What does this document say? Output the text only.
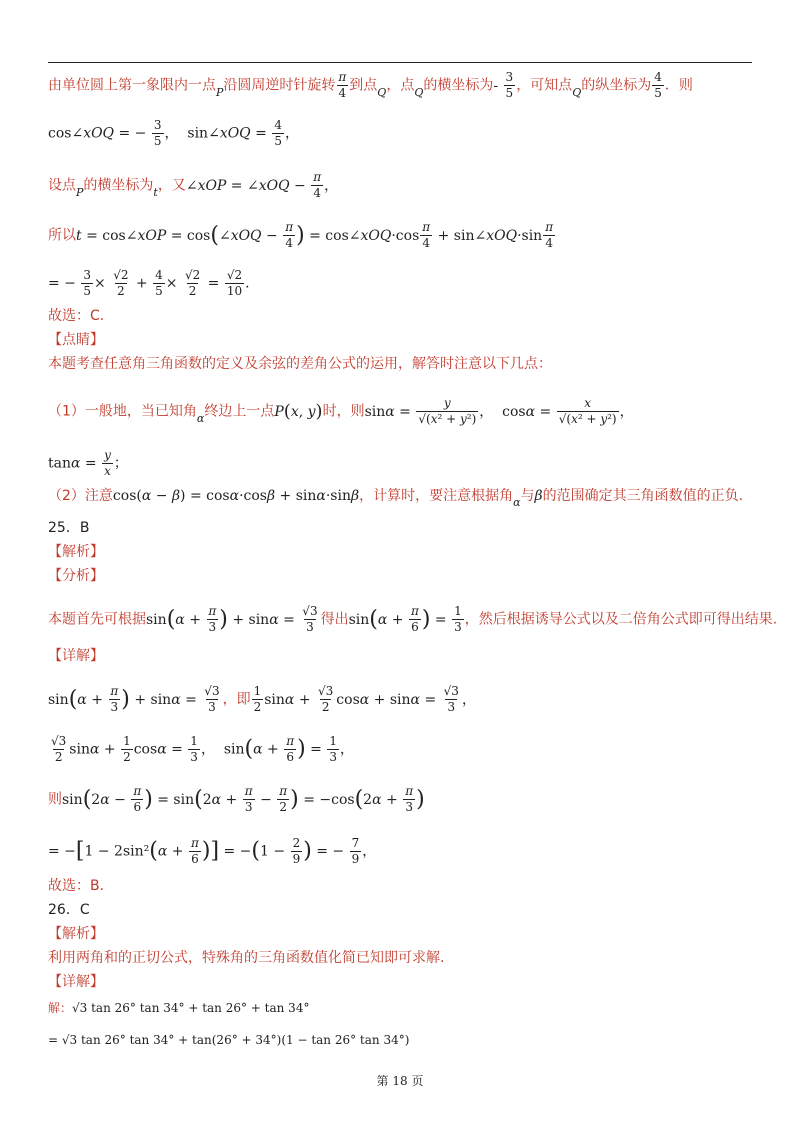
由单位圆上第一象限内一点$_P$沿圆周逆时针旋转 $\frac{\pi}{4}$ 到点$_Q$，点$_Q$的横坐标为- $\frac{3}{5}$ ，可知点$_Q$的纵坐标为 $\frac{4}{5}$ ．则
cos∠xOQ = − $\frac{3}{5}$ ，  sin∠xOQ = $\frac{4}{5}$ ，
设点$_P$的横坐标为$_t$，又∠xOP = ∠xOQ − $\frac{\pi}{4}$ ，
所以t = cos∠xOP = cos(∠xOQ − $\frac{\pi}{4}$ ) = cos∠xOQ·cos $\frac{\pi}{4}$ + sin∠xOQ·sin $\frac{\pi}{4}$
= − $\frac{3}{5} \times \frac{√2}{2} + \frac{4}{5} \times \frac{√2}{2} = \frac{√2}{10}$ .
故选：C.
【点睛】
本题考查任意角三角函数的定义及余弦的差角公式的运用，解答时注意以下几点：
（1）一般地，当已知角$_\alpha$终边上一点P(x, y)时，则$\sin\alpha = \frac{y}{\text{√(x² + y²)}}$ ，  $\cos\alpha = \frac{x}{\text{√(x² + y²)}}$ ，
$\tan\alpha = \frac{y}{x}$ ；
（2）注意cos(α − β) = cosα·cosβ + sinα·sinβ，计算时，要注意根据角$_\alpha$与β的范围确定其三角函数值的正负.
25．B
【解析】
【分析】
本题首先可根据$\sin(\alpha + \frac{\pi}{3}$ ) + $\sin\alpha = \frac{√3}{3}$ 得出$\sin(\alpha + \frac{\pi}{6}$ ) = $\frac{1}{3}$ ，然后根据诱导公式以及二倍角公式即可得出结果.
【详解】
$\sin(\alpha + \frac{\pi}{3}$ ) + $\sin\alpha = \frac{√3}{3}$ ，即 $\frac{1}{2}$ $\sin\alpha + \frac{√3}{2}$ $\cos\alpha + \sin\alpha = \frac{√3}{3}$ ，
$\frac{√3}{2}$ $\sin\alpha + \frac{1}{2}$ $\cos\alpha = \frac{1}{3}$ ，  $\sin(\alpha + \frac{\pi}{6}$ ) = $\frac{1}{3}$ ，
则$\sin(2\alpha - \frac{\pi}{6}$ ) = $\sin(2\alpha + \frac{\pi}{3} - \frac{\pi}{2}$ ) = $-\cos(2\alpha + \frac{\pi}{3}$ )
= $-[1 - 2\sin^2(\alpha + \frac{\pi}{6}$ )] = $-(1 - \frac{2}{9}$ ) = − $\frac{7}{9}$ ，
故选：B.
26．C
【解析】
利用两角和的正切公式，特殊角的三角函数值化简已知即可求解.
【详解】
解：√3 tan 26° tan 34° + tan 26° + tan 34°
= √3 tan 26° tan 34° + tan(26° + 34°)(1 − tan 26° tan 34°)
第 18 页
